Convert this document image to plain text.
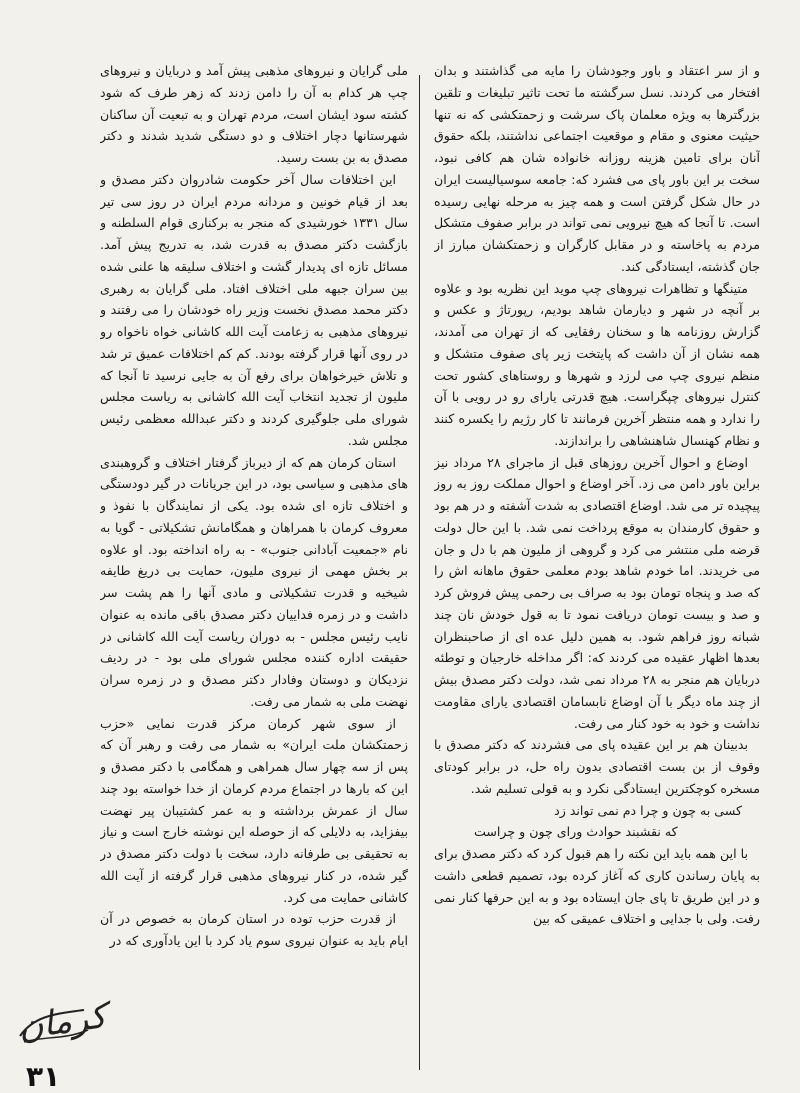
و از سر اعتقاد و باور وجودشان را مایه می گذاشتند و بدان افتخار می کردند. نسل سرگشته ما تحت تاثیر تبلیغات و تلقین بزرگترها به ویژه معلمان پاک سرشت و زحمتکشی که نه تنها حیثیت معنوی و مقام و موقعیت اجتماعی نداشتند، بلکه حقوق آنان برای تامین هزینه روزانه خانواده شان هم کافی نبود، سخت بر این باور پای می فشرد که: جامعه سوسیالیست ایران در حال شکل گرفتن است و همه چیز به مرحله نهایی رسیده است. تا آنجا که هیچ نیرویی نمی تواند در برابر صفوف متشکل مردم به پاخاسته و در مقابل کارگران و زحمتکشان مبارز از جان گذشته، ایستادگی کند.

متینگها و تظاهرات نیروهای چپ موید این نظریه بود و علاوه بر آنچه در شهر و دیارمان شاهد بودیم، رپورتاژ و عکس و گزارش روزنامه ها و سخنان رفقایی که از تهران می آمدند، همه نشان از آن داشت که پایتخت زیر پای صفوف متشکل و منظم نیروی چپ می لرزد و شهرها و روستاهای کشور تحت کنترل نیروهای چپگراست. هیچ قدرتی یارای رو در رویی با آن را ندارد و همه منتظر آخرین فرمانند تا کار رژیم را یکسره کنند و نظام کهنسال شاهنشاهی را براندازند.

اوضاع و احوال آخرین روزهای قبل از ماجرای ۲۸ مرداد نیز براین باور دامن می زد. آخر اوضاع و احوال مملکت روز به روز پیچیده تر می شد. اوضاع اقتصادی به شدت آشفته و در هم بود و حقوق کارمندان به موقع پرداخت نمی شد. با این حال دولت قرضه ملی منتشر می کرد و گروهی از ملیون هم با دل و جان می خریدند. اما خودم شاهد بودم معلمی حقوق ماهانه اش را که صد و پنجاه تومان بود به صراف بی رحمی پیش فروش کرد و صد و بیست تومان دریافت نمود تا به قول خودش نان چند شبانه روز فراهم شود. به همین دلیل عده ای از صاحبنظران بعدها اظهار عقیده می کردند که: اگر مداخله خارجیان و توطئه دربایان هم منجر به ۲۸ مرداد نمی شد، دولت دکتر مصدق بیش از چند ماه دیگر با آن اوضاع نابسامان اقتصادی یارای مقاومت نداشت و خود به خود کنار می رفت.

بدبینان هم بر این عقیده پای می فشردند که دکتر مصدق با وقوف از بن بست اقتصادی بدون راه حل، در برابر کودتای مسخره کوچکترین ایستادگی نکرد و به قولی تسلیم شد.

کسی به چون و چرا دم نمی تواند زد

که نقشبند حوادث ورای چون و چراست

با این همه باید این نکته را هم قبول کرد که دکتر مصدق برای به پایان رساندن کاری که آغاز کرده بود، تصمیم قطعی داشت و در این طریق تا پای جان ایستاده بود و به این حرفها کنار نمی رفت. ولی با جدایی و اختلاف عمیقی که بین

ملی گرایان و نیروهای مذهبی پیش آمد و دربایان و نیروهای چپ هر کدام به آن را دامن زدند که زهر طرف که شود کشته سود ایشان است، مردم تهران و به تبعیت آن ساکنان شهرستانها دچار اختلاف و دو دستگی شدید شدند و دکتر مصدق به بن بست رسید.

این اختلافات سال آخر حکومت شادروان دکتر مصدق و بعد از قیام خونین و مردانه مردم ایران در روز سی تیر سال ۱۳۳۱ خورشیدی که منجر به برکناری قوام السلطنه و بازگشت دکتر مصدق به قدرت شد، به تدریج پیش آمد. مسائل تازه ای پدیدار گشت و اختلاف سلیقه ها علنی شده بین سران جبهه ملی اختلاف افتاد. ملی گرایان به رهبری دکتر محمد مصدق نخست وزیر راه خودشان را می رفتند و نیروهای مذهبی به زعامت آیت الله کاشانی خواه ناخواه رو در روی آنها قرار گرفته بودند. کم کم اختلافات عمیق تر شد و تلاش خیرخواهان برای رفع آن به جایی نرسید تا آنجا که ملیون از تجدید انتخاب آیت الله کاشانی به ریاست مجلس شورای ملی جلوگیری کردند و دکتر عبدالله معظمی رئیس مجلس شد.

استان کرمان هم که از دیرباز گرفتار اختلاف و گروهبندی های مذهبی و سیاسی بود، در این جریانات در گیر دودستگی و اختلاف تازه ای شده بود. یکی از نمایندگان با نفوذ و معروف کرمان با همراهان و همگامانش تشکیلاتی - گویا به نام «جمعیت آبادانی جنوب» - به راه انداخته بود. او علاوه بر بخش مهمی از نیروی ملیون، حمایت بی دریغ طایفه شیخیه و قدرت تشکیلاتی و مادی آنها را هم پشت سر داشت و در زمره فداییان دکتر مصدق باقی مانده به عنوان نایب رئیس مجلس - به دوران ریاست آیت الله کاشانی در حقیقت اداره کننده مجلس شورای ملی بود - در ردیف نزدیکان و دوستان وفادار دکتر مصدق و در زمره سران نهضت ملی به شمار می رفت.

از سوی شهر کرمان مرکز قدرت نمایی «حزب زحمتکشان ملت ایران» به شمار می رفت و رهبر آن که پس از سه چهار سال همراهی و همگامی با دکتر مصدق و این که بارها در اجتماع مردم کرمان از خدا خواسته بود چند سال از عمرش برداشته و به عمر کشتیبان پیر نهضت بیفزاید، به دلایلی که از حوصله این نوشته خارج است و نیاز به تحقیقی بی طرفانه دارد، سخت با دولت دکتر مصدق در گیر شده، در کنار نیروهای مذهبی قرار گرفته از آیت الله کاشانی حمایت می کرد.

از قدرت حزب توده در استان کرمان به خصوص در آن ایام باید به عنوان نیروی سوم یاد کرد با این یادآوری که در

کرمان
۳۱
